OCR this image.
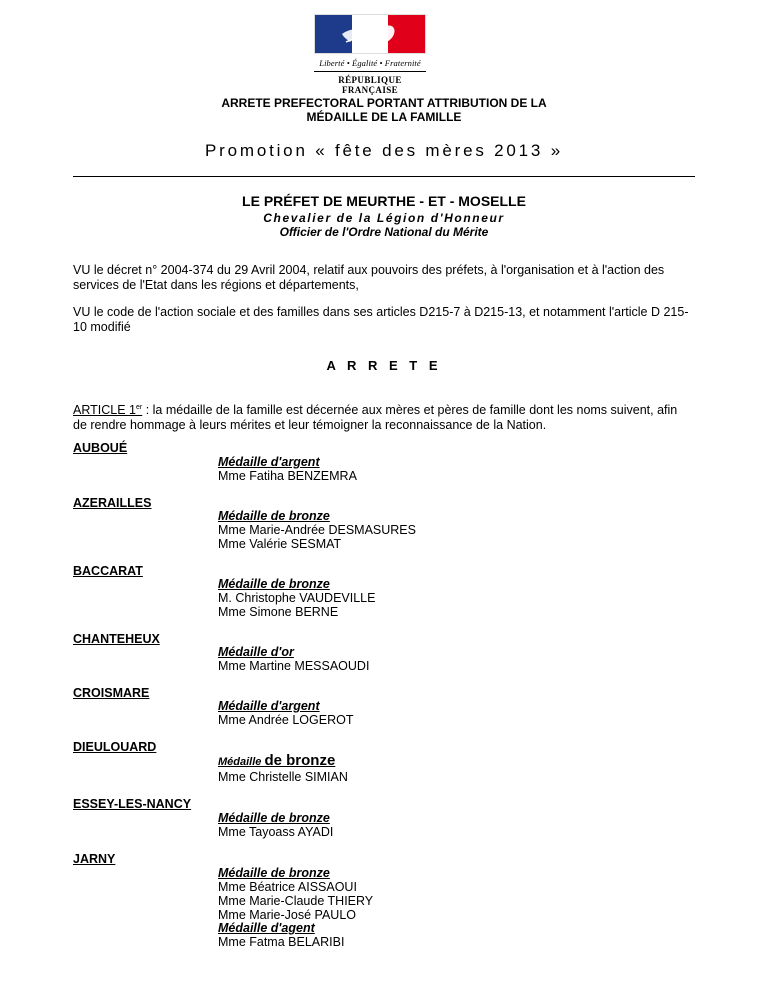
Liberté • Égalité • Fraternité
RÉPUBLIQUE FRANÇAISE
ARRETE PREFECTORAL PORTANT ATTRIBUTION DE LA
MÉDAILLE DE LA FAMILLE
Promotion « fête des mères 2013 »
LE PRÉFET DE MEURTHE - ET - MOSELLE
Chevalier de la Légion d'Honneur
Officier de l'Ordre National du Mérite
VU le décret n° 2004-374 du 29 Avril 2004, relatif aux pouvoirs des préfets, à l'organisation et à l'action des services de l'Etat dans les régions et départements,
VU le code de l'action sociale et des familles dans ses articles D215-7 à D215-13, et notamment l'article D 215-10 modifié
A R R E T E
ARTICLE 1er : la médaille de la famille est décernée aux mères et pères de famille dont les noms suivent, afin de rendre hommage à leurs mérites et leur témoigner la reconnaissance de la Nation.
AUBOUÉ
Médaille d'argent
Mme Fatiha BENZEMRA
AZERAILLES
Médaille de bronze
Mme Marie-Andrée DESMASURES
Mme Valérie SESMAT
BACCARAT
Médaille de bronze
M. Christophe VAUDEVILLE
Mme Simone BERNE
CHANTEHEUX
Médaille d'or
Mme Martine MESSAOUDI
CROISMARE
Médaille d'argent
Mme Andrée LOGEROT
DIEULOUARD
Médaille de bronze
Mme Christelle SIMIAN
ESSEY-LES-NANCY
Médaille de bronze
Mme Tayoass AYADI
JARNY
Médaille de bronze
Mme Béatrice AISSAOUI
Mme Marie-Claude THIERY
Mme Marie-José PAULO
Médaille d'agent
Mme Fatma BELARIBI
